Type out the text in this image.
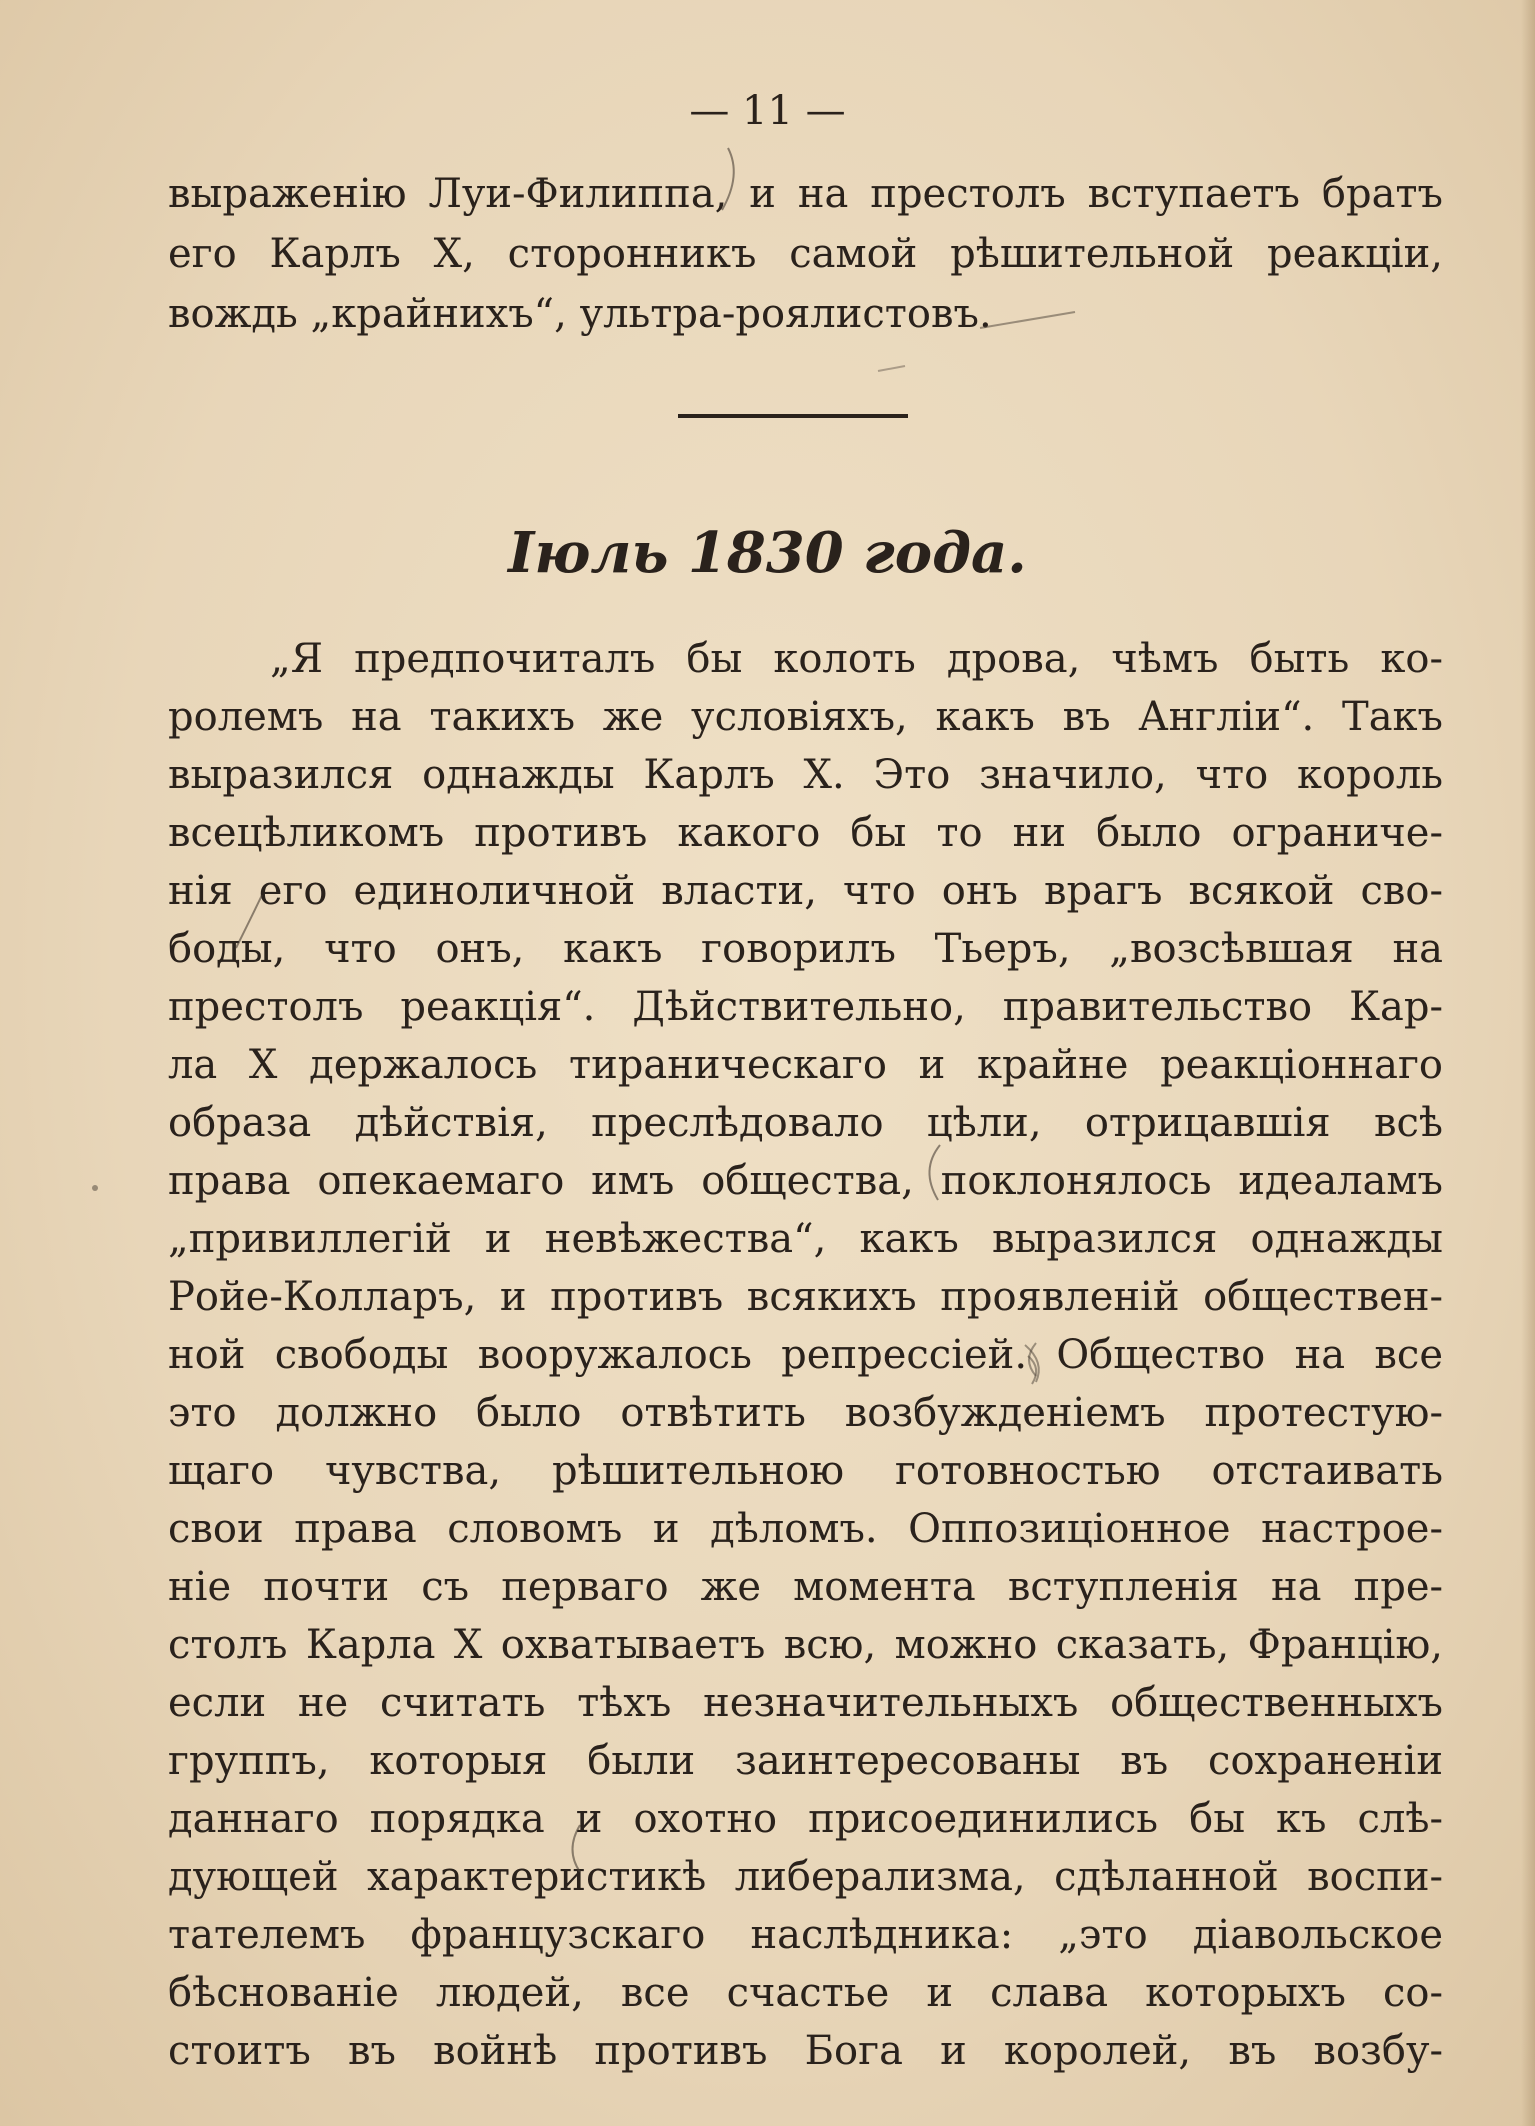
— 11 —
выраженію Луи-Филиппа, и на престолъ вступаетъ братъ
его Карлъ X, сторонникъ самой рѣшительной реакціи,
вождь „крайнихъ“, ультра-роялистовъ.
Іюль 1830 года.
„Я предпочиталъ бы колоть дрова, чѣмъ быть ко-
ролемъ на такихъ же условіяхъ, какъ въ Англіи“. Такъ
выразился однажды Карлъ X. Это значило, что король
всецѣликомъ противъ какого бы то ни было ограниче-
нія его единоличной власти, что онъ врагъ всякой сво-
боды, что онъ, какъ говорилъ Тьеръ, „возсѣвшая на
престолъ реакція“. Дѣйствительно, правительство Кар-
ла X держалось тираническаго и крайне реакціоннаго
образа дѣйствія, преслѣдовало цѣли, отрицавшія всѣ
права опекаемаго имъ общества, поклонялось идеаламъ
„привиллегій и невѣжества“, какъ выразился однажды
Ройе-Колларъ, и противъ всякихъ проявленій обществен-
ной свободы вооружалось репрессіей. Общество на все
это должно было отвѣтить возбужденіемъ протестую-
щаго чувства, рѣшительною готовностью отстаивать
свои права словомъ и дѣломъ. Оппозиціонное настрое-
ніе почти съ перваго же момента вступленія на пре-
столъ Карла X охватываетъ всю, можно сказать, Францію,
если не считать тѣхъ незначительныхъ общественныхъ
группъ, которыя были заинтересованы въ сохраненіи
даннаго порядка и охотно присоединились бы къ слѣ-
дующей характеристикѣ либерализма, сдѣланной воспи-
тателемъ французскаго наслѣдника: „это діавольское
бѣснованіе людей, все счастье и слава которыхъ со-
стоитъ въ войнѣ противъ Бога и королей, въ возбу-
